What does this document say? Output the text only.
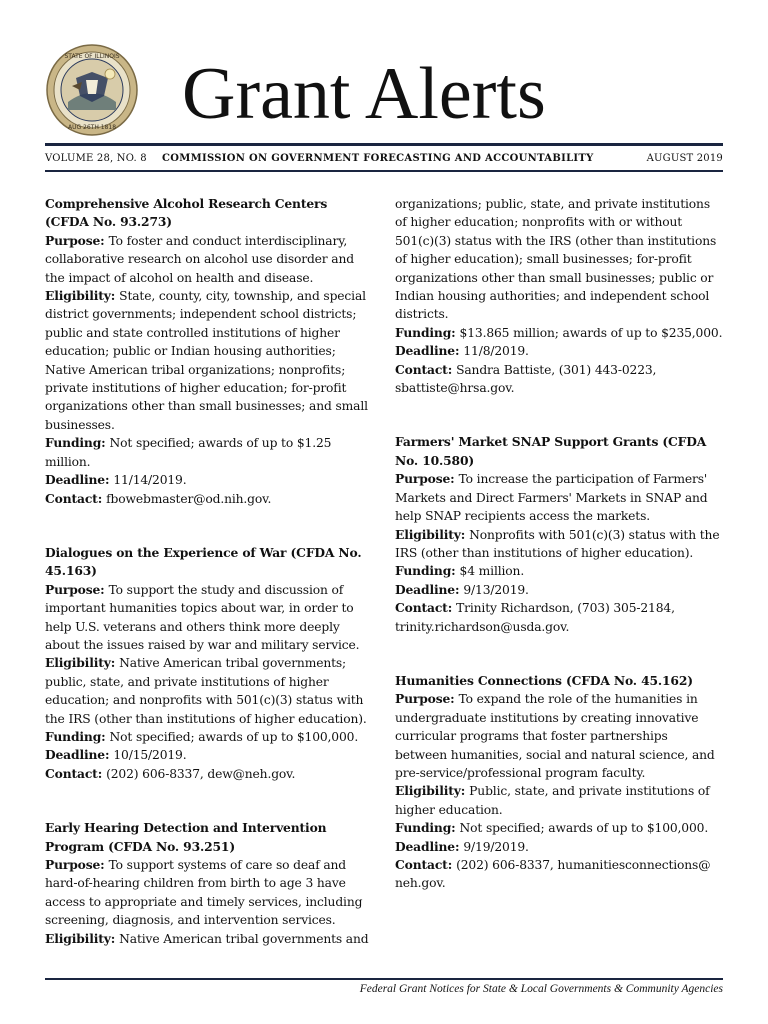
STATE OF ILLINOIS
AUG 26TH 1818 Grant Alerts
VOLUME 28, NO. 8 COMMISSION ON GOVERNMENT FORECASTING AND ACCOUNTABILITY	AUGUST 2019

Comprehensive Alcohol Research Centers (CFDA No. 93.273)

Purpose: To foster and conduct interdisciplinary, collaborative research on alcohol use disorder and the impact of alcohol on health and disease.

Eligibility: State, county, city, township, and special district governments; independent school districts; public and state controlled institutions of higher education; public or Indian housing authorities; Native American tribal organizations; nonprofits; private institutions of higher education; for-profit organizations other than small businesses; and small businesses.

Funding: Not specified; awards of up to $1.25 million.

Deadline: 11/14/2019.

Contact: fbowebmaster@od.nih.gov.

Dialogues on the Experience of War (CFDA No. 45.163)

Purpose: To support the study and discussion of important humanities topics about war, in order to help U.S. veterans and others think more deeply about the issues raised by war and military service.

Eligibility: Native American tribal governments; public, state, and private institutions of higher education; and nonprofits with 501(c)(3) status with the IRS (other than institutions of higher education).

Funding: Not specified; awards of up to $100,000.

Deadline: 10/15/2019.

Contact: (202) 606-8337, dew@neh.gov.

Early Hearing Detection and Intervention Program (CFDA No. 93.251)

Purpose: To support systems of care so deaf and hard-of-hearing children from birth to age 3 have access to appropriate and timely services, including screening, diagnosis, and intervention services.

Eligibility: Native American tribal governments and

organizations; public, state, and private institutions of higher education; nonprofits with or without 501(c)(3) status with the IRS (other than institutions of higher education); small businesses; for-profit organizations other than small businesses; public or Indian housing authorities; and independent school districts.

Funding: $13.865 million; awards of up to $235,000.

Deadline: 11/8/2019.

Contact: Sandra Battiste, (301) 443-0223, sbattiste@hrsa.gov.

Farmers' Market SNAP Support Grants (CFDA No. 10.580)

Purpose: To increase the participation of Farmers' Markets and Direct Farmers' Markets in SNAP and help SNAP recipients access the markets.

Eligibility: Nonprofits with 501(c)(3) status with the IRS (other than institutions of higher education).

Funding: $4 million.

Deadline: 9/13/2019.

Contact: Trinity Richardson, (703) 305-2184, trinity.richardson@usda.gov.

Humanities Connections (CFDA No. 45.162)

Purpose: To expand the role of the humanities in undergraduate institutions by creating innovative curricular programs that foster partnerships between humanities, social and natural science, and pre-service/professional program faculty.

Eligibility: Public, state, and private institutions of higher education.

Funding: Not specified; awards of up to $100,000.

Deadline: 9/19/2019.

Contact: (202) 606-8337, humanitiesconnections@ neh.gov.

Federal Grant Notices for State & Local Governments & Community Agencies
